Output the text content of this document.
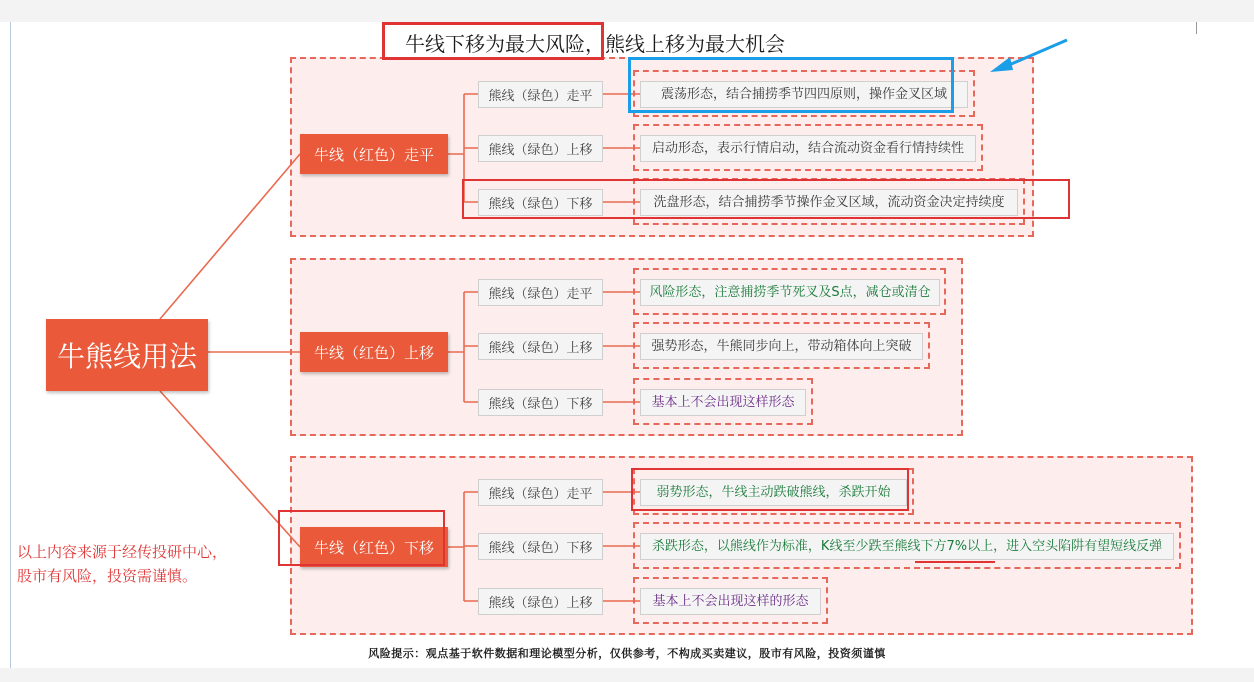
牛线下移为最大风险，熊线上移为最大机会
牛熊线用法
牛线（红色）走平
牛线（红色）上移
牛线（红色）下移
熊线（绿色）走平
熊线（绿色）上移
熊线（绿色）下移
熊线（绿色）走平
熊线（绿色）上移
熊线（绿色）下移
熊线（绿色）走平
熊线（绿色）下移
熊线（绿色）上移
震荡形态，结合捕捞季节四四原则，操作金叉区域
启动形态，表示行情启动，结合流动资金看行情持续性
洗盘形态，结合捕捞季节操作金叉区域，流动资金决定持续度
风险形态，注意捕捞季节死叉及S点，减仓或清仓
强势形态，牛熊同步向上，带动箱体向上突破
基本上不会出现这样形态
弱势形态，牛线主动跌破熊线，杀跌开始
杀跌形态，以熊线作为标准，K线至少跌至熊线下方7%以上，进入空头陷阱有望短线反弹
基本上不会出现这样的形态
以上内容来源于经传投研中心，
股市有风险，投资需谨慎。
风险提示：观点基于软件数据和理论模型分析，仅供参考，不构成买卖建议，股市有风险，投资须谨慎
